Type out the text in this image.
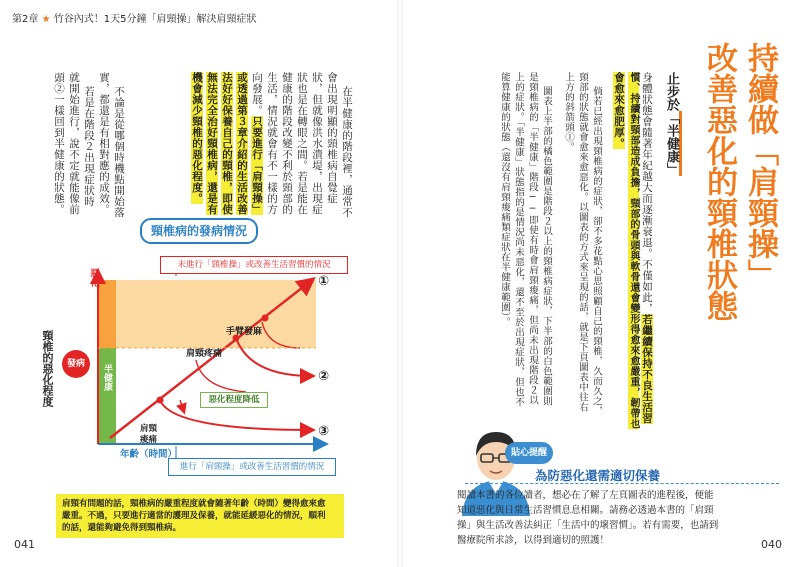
第2章 ★ 竹谷內式！1天5分鐘「肩頸操」解決肩頸症狀
041	040
持續做「肩頸操」
改善惡化的頸椎狀態
止步於「半健康」
身體狀態會隨著年紀越大而逐漸衰退。不僅如此，若繼續保持不良生活習
慣、持續對頸部造成負擔，頸部的骨頭與軟骨還會變形得愈來愈嚴重，韌帶也
會愈來愈肥厚。
倘若已經出現頸椎病的症狀，卻不多花點心思照顧自己的頸椎，久而久之，
頸部的狀態就會愈來愈惡化。以圖表的方式來呈現的話，就是下頁圖表中往右
上方的斜箭頭①。
圖表上半部的橘色範圍是階段２以上的頸椎病症狀，下半部的白色範圍則
是頸椎病的「半健康」階段──即使有時會肩頸痠痛，但尚未出現階段２以
上的症狀。「半健康」狀態指的是情況尚未惡化，還不至於出現症狀，但也不
能算健康的狀態（還沒有肩頸痠痛類症狀在半健康範圍）。
貼心提醒
為防惡化還需適切保養
閱讀本書的各位讀者，想必在了解了左頁圖表的進程後，便能
知道惡化與日常生活習慣息息相關。請務必透過本書的「肩頸
操」與生活改善法糾正「生活中的壞習慣」。若有需要，也請到
醫療院所求診，以得到適切的照護！
在半健康的階段裡，通常不
會出現明顯的頸椎病自覺症
狀，但就像洪水潰堤，出現症
狀也是在轉眼之間。若是能在
健康的階段改變不利於頸部的
生活，情況就會有不一樣的方
向發展。只要進行「肩頸操」
或透過第３章介紹的生活改善
法好好保養自己的頸椎，即使
無法完全治好頸椎病，還是有
機會減少頸椎的惡化程度。
不論是從哪個時機點開始落
實，都還是有相對應的成效。
若是在階段２出現症狀時
就開始進行，說不定就能像前
頭②一樣回到半健康的狀態。
頸椎病的發病情況
未進行「頸椎操」或改善生活習慣的情況
進行「肩頸操」或改善生活習慣的情況
頸椎的惡化程度
惡化
發病	半健康
年齡（時間）
手臂發麻
肩頸疼痛
肩頸痠痛
惡化程度降低
①
②
③
肩頸有問題的話，頸椎病的嚴重程度就會隨著年齡（時間）變得愈來愈
嚴重。不過，只要進行適當的護理及保養，就能延緩惡化的情況，順利
的話，還能夠避免得到頸椎病。
